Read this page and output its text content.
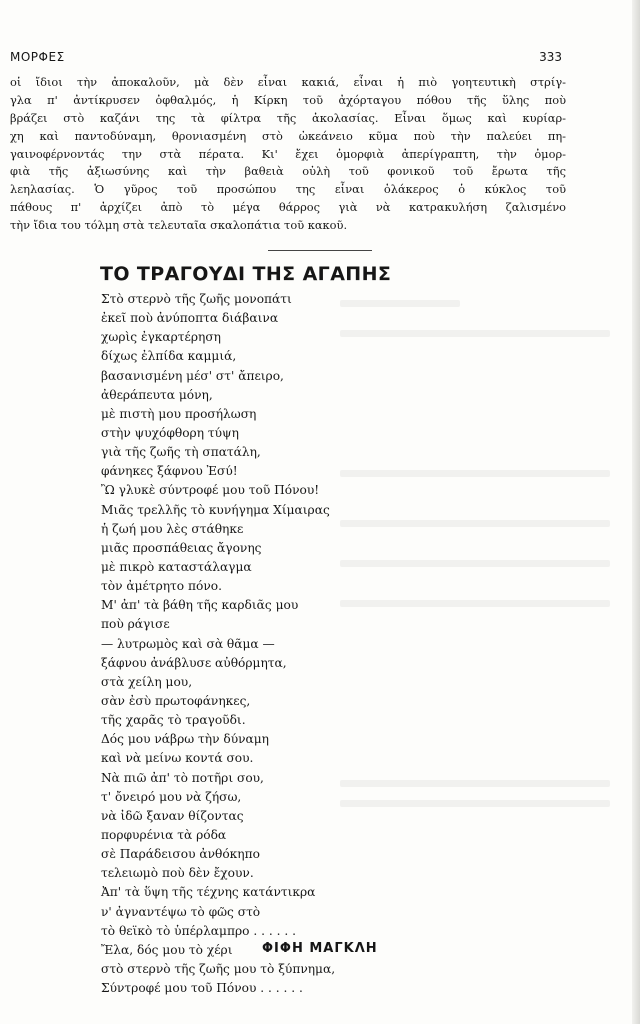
ΜΟΡΦΕΣ	333
οἱ ἴδιοι τὴν ἀποκαλοῦν, μὰ δὲν εἶναι κακιά, εἶναι ἡ πιὸ γοητευτικὴ στρίγ-
γλα π' ἀντίκρυσεν ὀφθαλμός, ἡ Κίρκη τοῦ ἀχόρταγου πόθου τῆς ὕλης ποὺ
βράζει στὸ καζάνι της τὰ φίλτρα τῆς ἀκολασίας. Εἶναι ὅμως καὶ κυρίαρ-
χη καὶ παντοδύναμη, θρονιασμένη στὸ ὠκεάνειο κῦμα ποὺ τὴν παλεύει πη-
γαινοφέρνοντάς την στὰ πέρατα. Κι' ἔχει ὀμορφιὰ ἀπερίγραπτη, τὴν ὀμορ-
φιὰ τῆς ἀξιωσύνης καὶ τὴν βαθειὰ οὐλὴ τοῦ φονικοῦ τοῦ ἔρωτα τῆς
λεηλασίας. Ὁ γῦρος τοῦ προσώπου της εἶναι ὁλάκερος ὁ κύκλος τοῦ
πάθους π' ἀρχίζει ἀπὸ τὸ μέγα θάρρος γιὰ νὰ κατρακυλήση ζαλισμένο
τὴν ἴδια του τόλμη στὰ τελευταῖα σκαλοπάτια τοῦ κακοῦ.
ΤΟ ΤΡΑΓΟΥΔΙ ΤΗΣ ΑΓΑΠΗΣ
Στὸ στερνὸ τῆς ζωῆς μονοπάτι
ἐκεῖ ποὺ ἀνύποπτα διάβαινα
χωρὶς ἐγκαρτέρηση
δίχως ἐλπίδα καμμιά,
βασανισμένη μέσ' στ' ἄπειρο,
ἀθεράπευτα μόνη,
μὲ πιστὴ μου προσήλωση
στὴν ψυχόφθορη τύψη
γιὰ τῆς ζωῆς τὴ σπατάλη,
φάνηκες ξάφνου Ἐσύ!
Ὢ γλυκὲ σύντροφέ μου τοῦ Πόνου!
Μιᾶς τρελλῆς τὸ κυνήγημα Χίμαιρας
ἡ ζωή μου λὲς στάθηκε
μιᾶς προσπάθειας ἄγονης
μὲ πικρὸ καταστάλαγμα
τὸν ἀμέτρητο πόνο.
Μ' ἀπ' τὰ βάθη τῆς καρδιᾶς μου
ποὺ ράγισε
— λυτρωμὸς καὶ σὰ θᾶμα —
ξάφνου ἀνάβλυσε αὐθόρμητα,
στὰ χείλη μου,
σὰν ἐσὺ πρωτοφάνηκες,
τῆς χαρᾶς τὸ τραγοῦδι.
Δός μου νάβρω τὴν δύναμη
καὶ νὰ μείνω κοντά σου.
Νὰ πιῶ ἀπ' τὸ ποτῆρι σου,
τ' ὄνειρό μου νὰ ζήσω,
νὰ ἰδῶ ξαναν θίζοντας
πορφυρένια τὰ ρόδα
σὲ Παράδεισου ἀνθόκηπο
τελειωμὸ ποὺ δὲν ἔχουν.
Ἀπ' τὰ ὕψη τῆς τέχνης κατάντικρα
ν' ἀγναντέψω τὸ φῶς στὸ
τὸ θεϊκὸ τὸ ὑπέρλαμπρο . . . . . .
Ἔλα, δός μου τὸ χέρι
στὸ στερνὸ τῆς ζωῆς μου τὸ ξύπνημα,
Σύντροφέ μου τοῦ Πόνου . . . . . .

ΦΙΦΗ ΜΑΓΚΛΗ
